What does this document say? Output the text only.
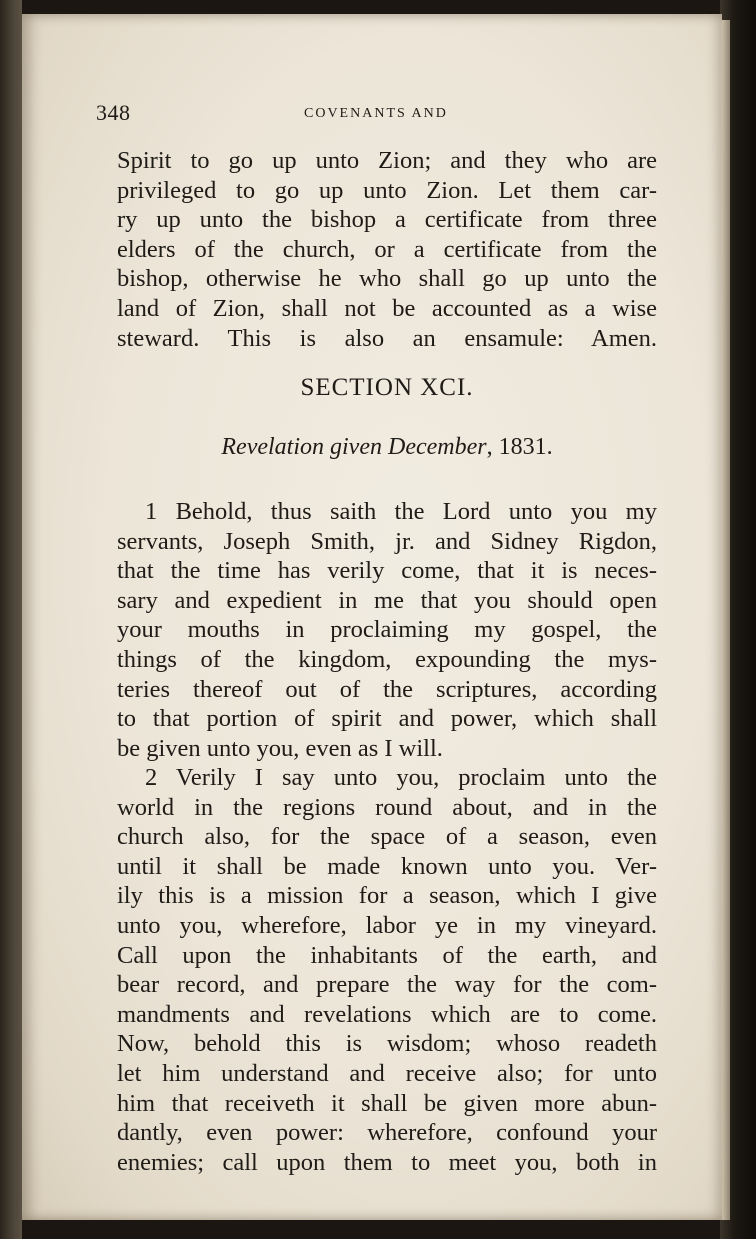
348	COVENANTS AND
Spirit to go up unto Zion; and they who are
privileged to go up unto Zion. Let them car-
ry up unto the bishop a certificate from three
elders of the church, or a certificate from the
bishop, otherwise he who shall go up unto the
land of Zion, shall not be accounted as a wise
steward. This is also an ensamule: Amen.
SECTION XCI.
Revelation given December, 1831.
1 Behold, thus saith the Lord unto you my
servants, Joseph Smith, jr. and Sidney Rigdon,
that the time has verily come, that it is neces-
sary and expedient in me that you should open
your mouths in proclaiming my gospel, the
things of the kingdom, expounding the mys-
teries thereof out of the scriptures, according
to that portion of spirit and power, which shall
be given unto you, even as I will.
2 Verily I say unto you, proclaim unto the
world in the regions round about, and in the
church also, for the space of a season, even
until it shall be made known unto you. Ver-
ily this is a mission for a season, which I give
unto you, wherefore, labor ye in my vineyard.
Call upon the inhabitants of the earth, and
bear record, and prepare the way for the com-
mandments and revelations which are to come.
Now, behold this is wisdom; whoso readeth
let him understand and receive also; for unto
him that receiveth it shall be given more abun-
dantly, even power: wherefore, confound your
enemies; call upon them to meet you, both in
